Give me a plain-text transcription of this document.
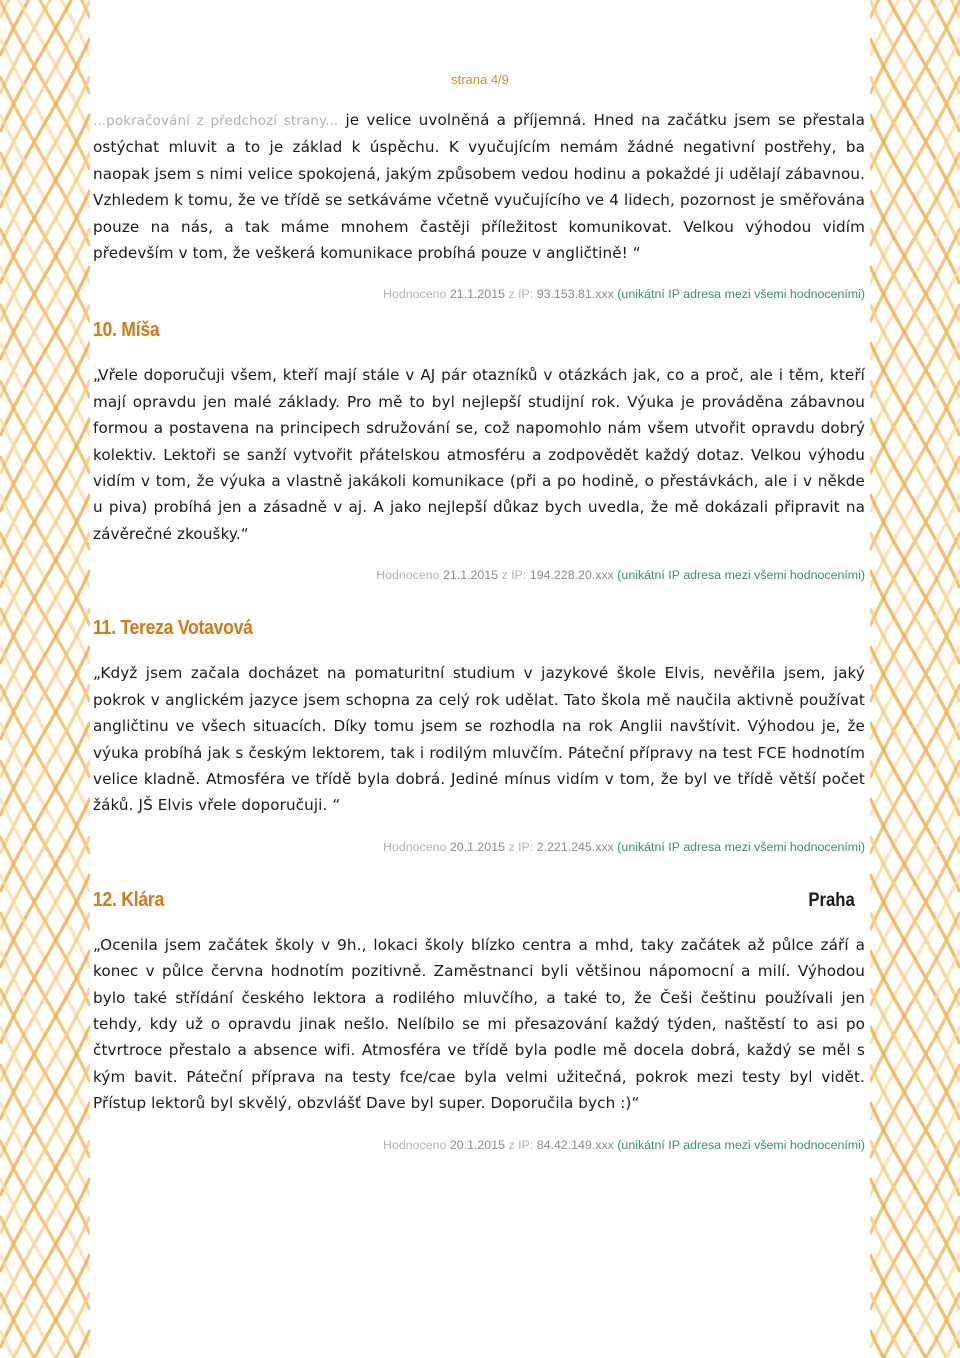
strana 4/9

...pokračování z předchozí strany... je velice uvolněná a příjemná. Hned na začátku jsem se přestala ostýchat mluvit a to je základ k úspěchu. K vyučujícím nemám žádné negativní postřehy, ba naopak jsem s nimi velice spokojená, jakým způsobem vedou hodinu a pokaždé ji udělají zábavnou. Vzhledem k tomu, že ve třídě se setkáváme včetně vyučujícího ve 4 lidech, pozornost je směřována pouze na nás, a tak máme mnohem častěji příležitost komunikovat. Velkou výhodou vidím především v tom, že veškerá komunikace probíhá pouze v angličtině! “

Hodnoceno 21.1.2015 z IP: 93.153.81.xxx (unikátní IP adresa mezi všemi hodnoceními)

10. Míša

„Vřele doporučuji všem, kteří mají stále v AJ pár otazníků v otázkách jak, co a proč, ale i těm, kteří mají opravdu jen malé základy. Pro mě to byl nejlepší studijní rok. Výuka je prováděna zábavnou formou a postavena na principech sdružování se, což napomohlo nám všem utvořit opravdu dobrý kolektiv. Lektoři se sanží vytvořit přátelskou atmosféru a zodpovědět každý dotaz. Velkou výhodu vidím v tom, že výuka a vlastně jakákoli komunikace (při a po hodině, o přestávkách, ale i v někde u piva) probíhá jen a zásadně v aj. A jako nejlepší důkaz bych uvedla, že mě dokázali připravit na závěrečné zkoušky.“

Hodnoceno 21.1.2015 z IP: 194.228.20.xxx (unikátní IP adresa mezi všemi hodnoceními)

11. Tereza Votavová

„Když jsem začala docházet na pomaturitní studium v jazykové škole Elvis, nevěřila jsem, jaký pokrok v anglickém jazyce jsem schopna za celý rok udělat. Tato škola mě naučila aktivně používat angličtinu ve všech situacích. Díky tomu jsem se rozhodla na rok Anglii navštívit. Výhodou je, že výuka probíhá jak s českým lektorem, tak i rodilým mluvčím. Páteční přípravy na test FCE hodnotím velice kladně. Atmosféra ve třídě byla dobrá. Jediné mínus vidím v tom, že byl ve třídě větší počet žáků. JŠ Elvis vřele doporučuji. “

Hodnoceno 20.1.2015 z IP: 2.221.245.xxx (unikátní IP adresa mezi všemi hodnoceními)

12. Klára	Praha

„Ocenila jsem začátek školy v 9h., lokaci školy blízko centra a mhd, taky začátek až půlce září a konec v půlce června hodnotím pozitivně. Zaměstnanci byli většinou nápomocní a milí. Výhodou bylo také střídání českého lektora a rodilého mluvčího, a také to, že Češi češtinu používali jen tehdy, kdy už o opravdu jinak nešlo. Nelíbilo se mi přesazování každý týden, naštěstí to asi po čtvrtroce přestalo a absence wifi. Atmosféra ve třídě byla podle mě docela dobrá, každý se měl s kým bavit. Páteční příprava na testy fce/cae byla velmi užitečná, pokrok mezi testy byl vidět. Přístup lektorů byl skvělý, obzvlášť Dave byl super. Doporučila bych :)“

Hodnoceno 20.1.2015 z IP: 84.42.149.xxx (unikátní IP adresa mezi všemi hodnoceními)
